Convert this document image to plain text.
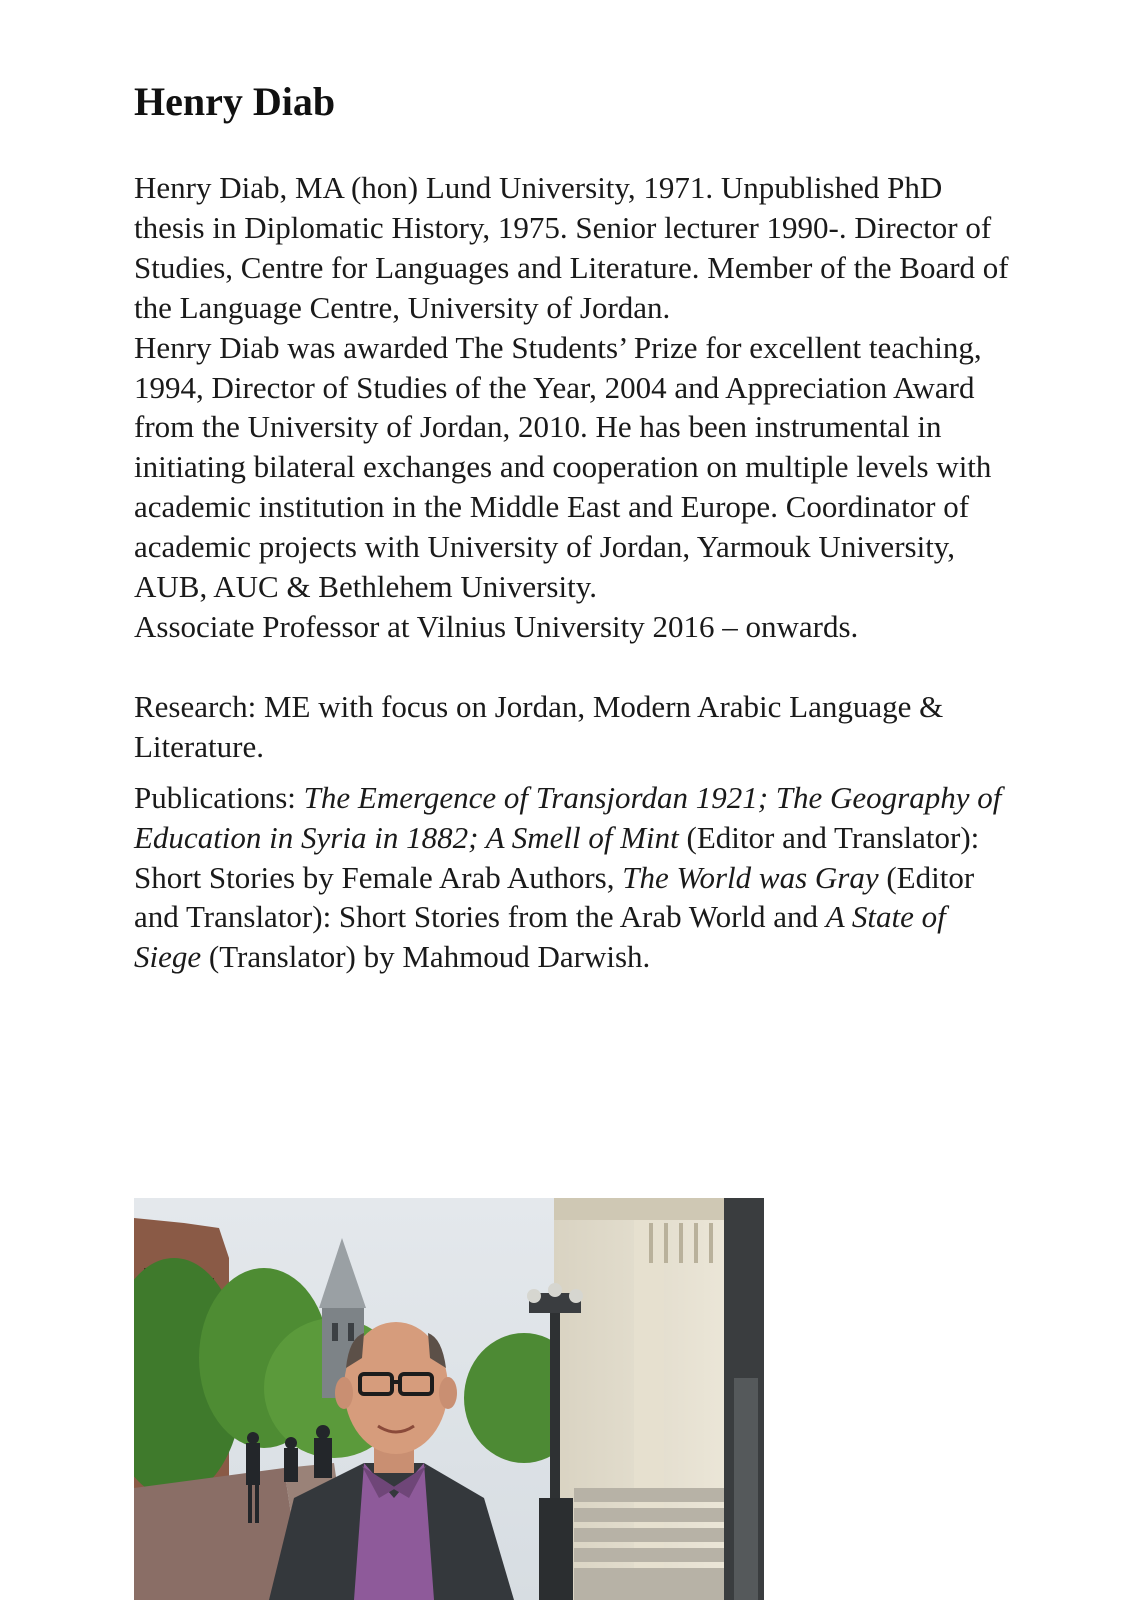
Henry Diab
Henry Diab, MA (hon) Lund University, 1971. Unpublished PhD thesis in Diplomatic History, 1975. Senior lecturer 1990-. Director of Studies, Centre for Languages and Literature. Member of the Board of the Language Centre, University of Jordan.
Henry Diab was awarded The Students’ Prize for excellent teaching, 1994, Director of Studies of the Year, 2004 and Appreciation Award from the University of Jordan, 2010. He has been instrumental in initiating bilateral exchanges and cooperation on multiple levels with academic institution in the Middle East and Europe. Coordinator of academic projects with University of Jordan, Yarmouk University, AUB, AUC & Bethlehem University.
Associate Professor at Vilnius University 2016 – onwards.
Research: ME with focus on Jordan, Modern Arabic Language & Literature.
Publications: The Emergence of Transjordan 1921; The Geography of Education in Syria in 1882; A Smell of Mint (Editor and Translator): Short Stories by Female Arab Authors, The World was Gray (Editor and Translator): Short Stories from the Arab World and A State of Siege (Translator) by Mahmoud Darwish.
